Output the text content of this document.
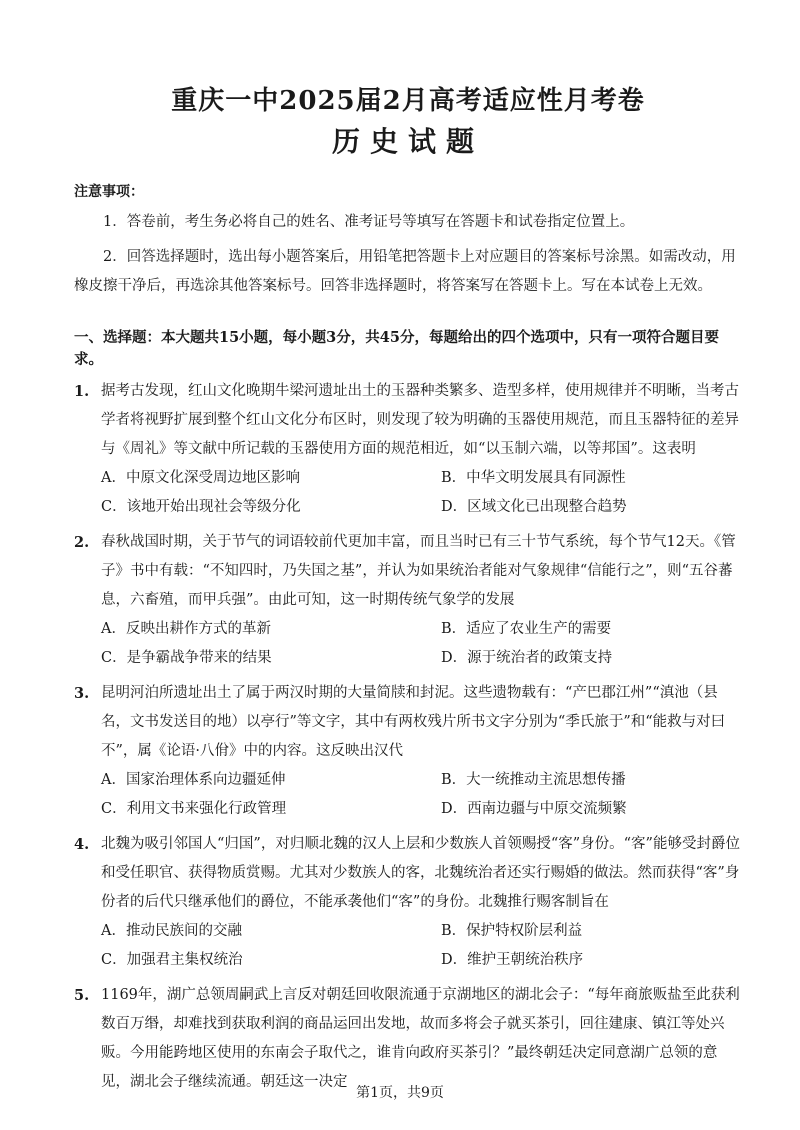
重庆一中2025届2月高考适应性月考卷
历史试题
注意事项：
1．答卷前，考生务必将自己的姓名、准考证号等填写在答题卡和试卷指定位置上。
2．回答选择题时，选出每小题答案后，用铅笔把答题卡上对应题目的答案标号涂黑。如需改动，用橡皮擦干净后，再选涂其他答案标号。回答非选择题时，将答案写在答题卡上。写在本试卷上无效。
一、选择题：本大题共15小题，每小题3分，共45分，每题给出的四个选项中，只有一项符合题目要求。
1. 据考古发现，红山文化晚期牛梁河遗址出土的玉器种类繁多、造型多样，使用规律并不明晰，当考古学者将视野扩展到整个红山文化分布区时，则发现了较为明确的玉器使用规范，而且玉器特征的差异与《周礼》等文献中所记载的玉器使用方面的规范相近，如“以玉制六端，以等邦国”。这表明

A．中原文化深受周边地区影响	B．中华文明发展具有同源性
C．该地开始出现社会等级分化	D．区域文化已出现整合趋势
2. 春秋战国时期，关于节气的词语较前代更加丰富，而且当时已有三十节气系统，每个节气12天。《管子》书中有载：“不知四时，乃失国之基”，并认为如果统治者能对气象规律“信能行之”，则“五谷蕃息，六畜殖，而甲兵强”。由此可知，这一时期传统气象学的发展

A．反映出耕作方式的革新	B．适应了农业生产的需要
C．是争霸战争带来的结果	D．源于统治者的政策支持
3. 昆明河泊所遗址出土了属于两汉时期的大量简牍和封泥。这些遗物载有：“产巴郡江州”“滇池（县名，文书发送目的地）以亭行”等文字，其中有两枚残片所书文字分别为“季氏旅于”和“能救与对曰不”，属《论语·八佾》中的内容。这反映出汉代

A．国家治理体系向边疆延伸	B．大一统推动主流思想传播
C．利用文书来强化行政管理	D．西南边疆与中原交流频繁
4. 北魏为吸引邻国人“归国”，对归顺北魏的汉人上层和少数族人首领赐授“客”身份。“客”能够受封爵位和受任职官、获得物质赏赐。尤其对少数族人的客，北魏统治者还实行赐婚的做法。然而获得“客”身份者的后代只继承他们的爵位，不能承袭他们“客”的身份。北魏推行赐客制旨在

A．推动民族间的交融	B．保护特权阶层利益
C．加强君主集权统治	D．维护王朝统治秩序
5. 1169年，湖广总领周嗣武上言反对朝廷回收限流通于京湖地区的湖北会子：“每年商旅贩盐至此获利数百万缗，却难找到获取利润的商品运回出发地，故而多将会子就买茶引，回往建康、镇江等处兴贩。今用能跨地区使用的东南会子取代之，谁肯向政府买茶引？”最终朝廷决定同意湖广总领的意见，湖北会子继续流通。朝廷这一决定

第1页，共9页
